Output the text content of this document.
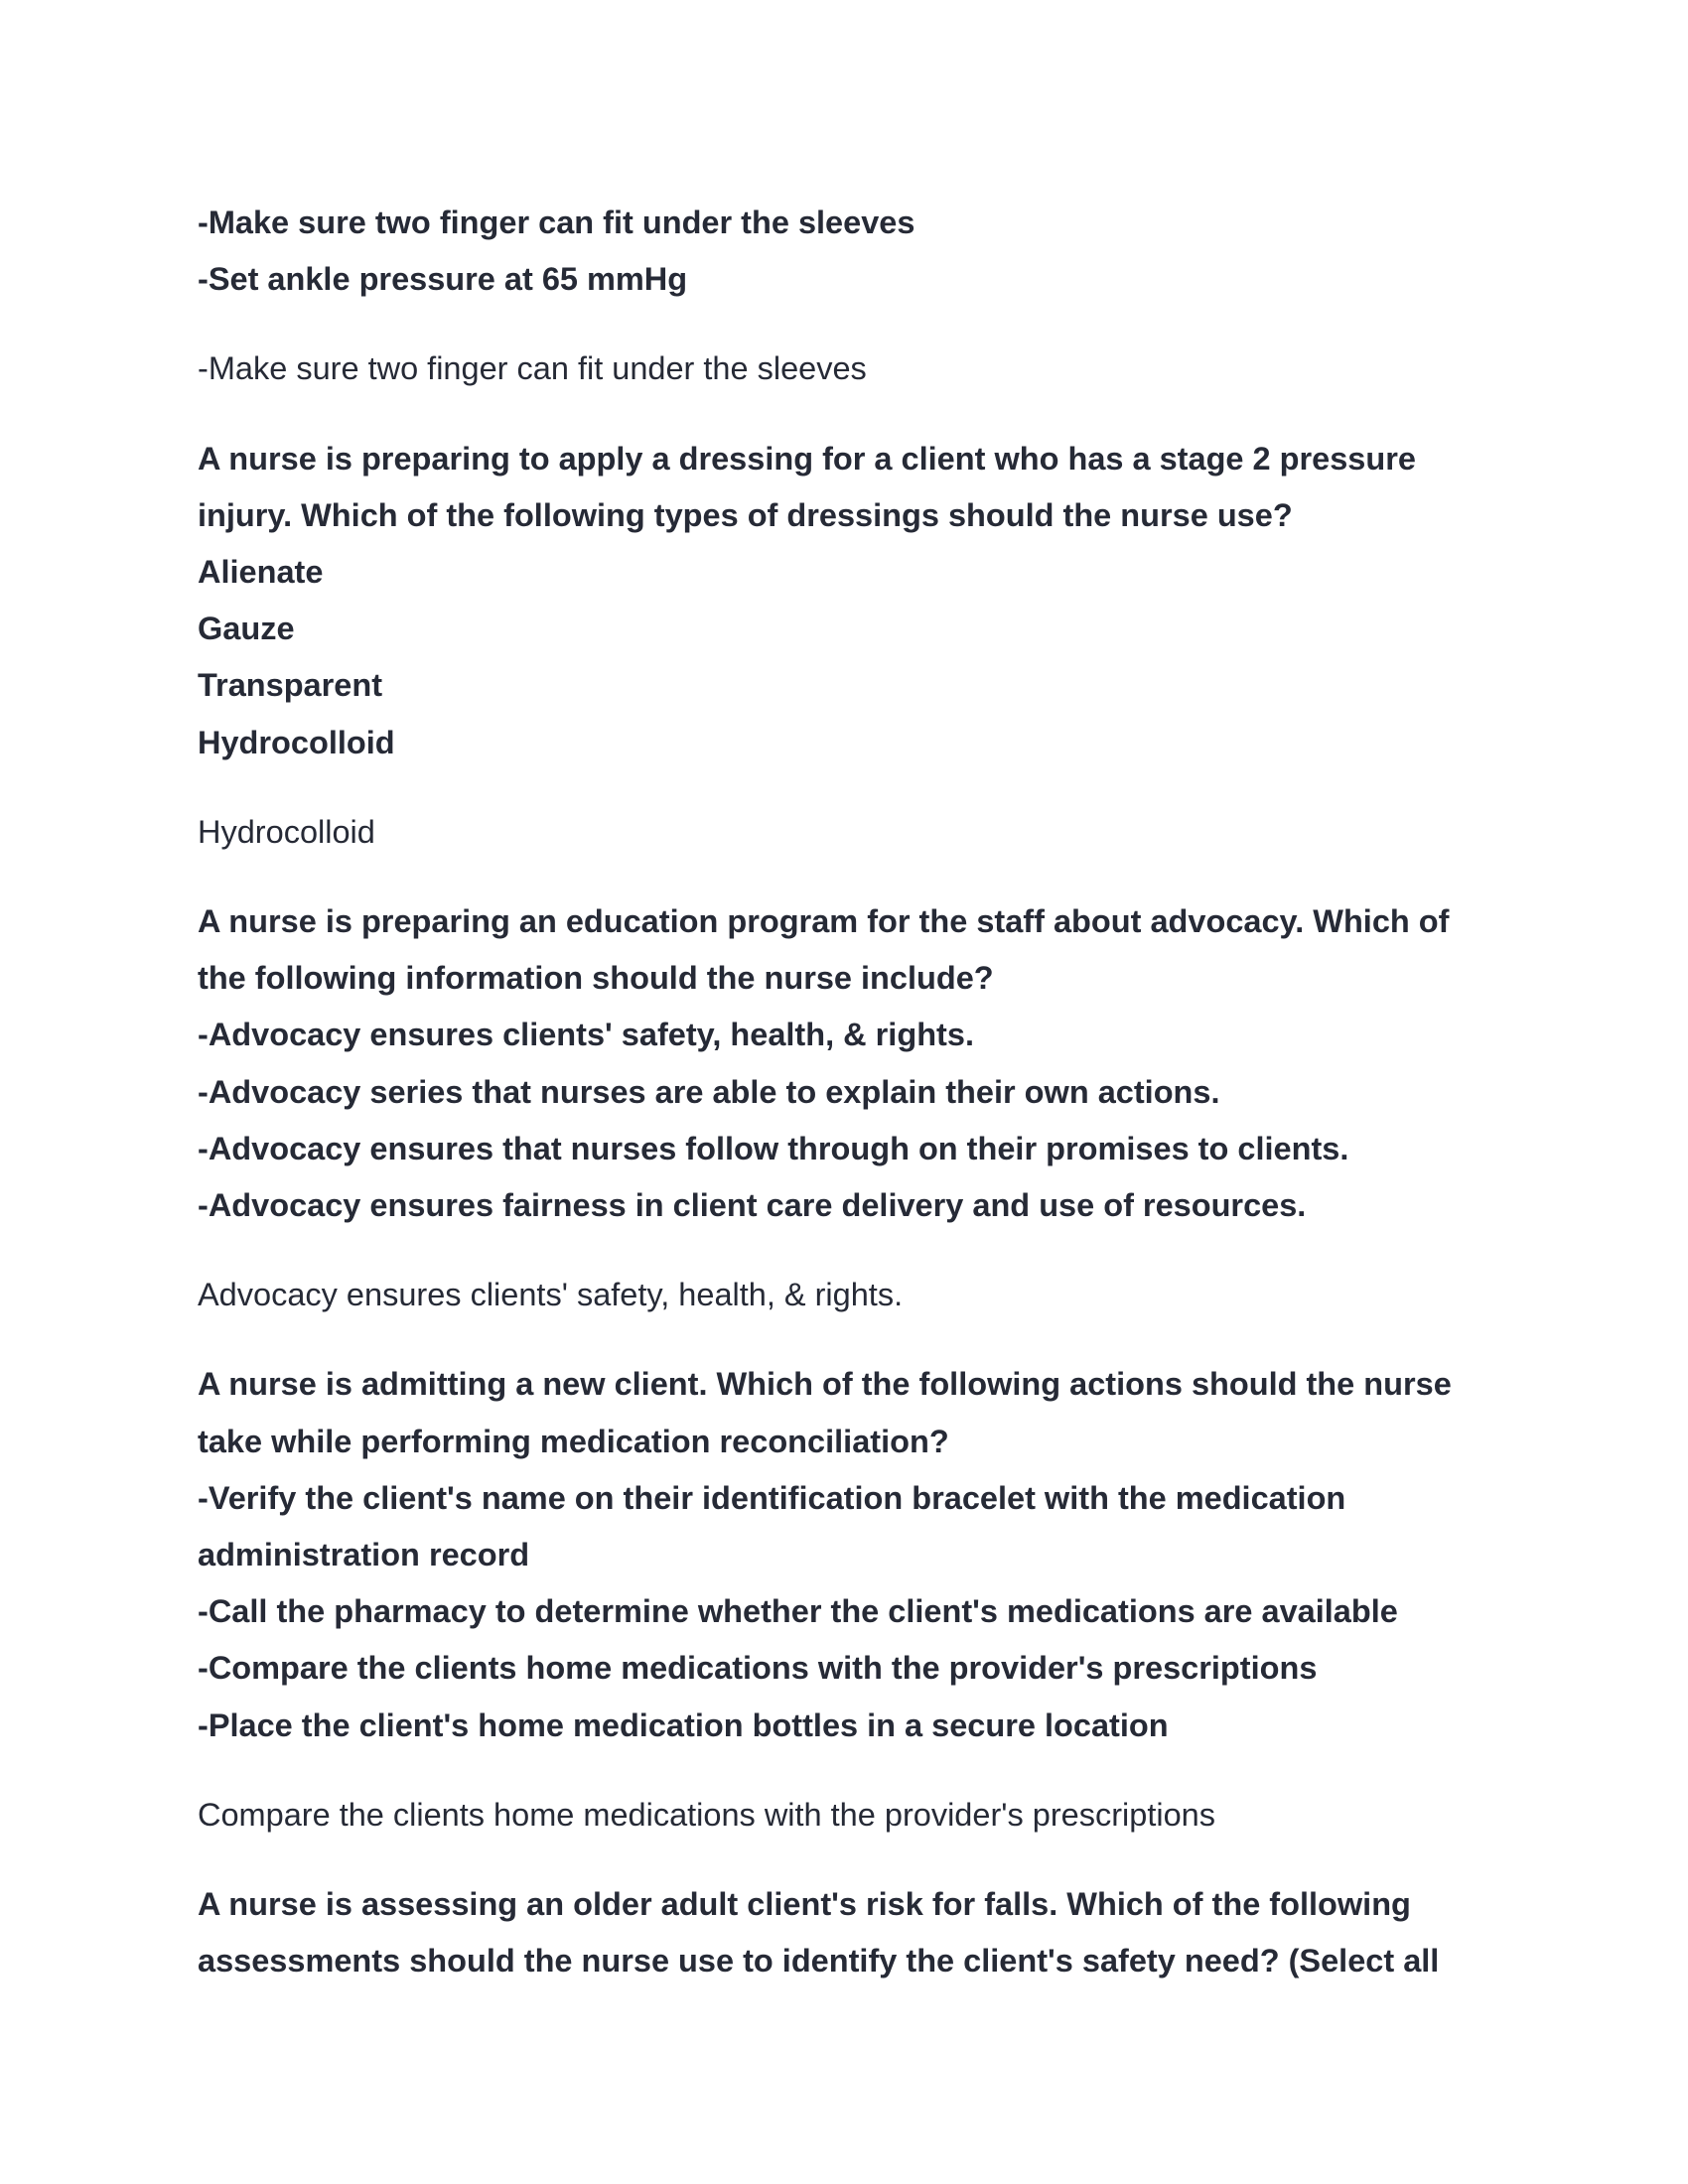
-Make sure two finger can fit under the sleeves
-Set ankle pressure at 65 mmHg
-Make sure two finger can fit under the sleeves
A nurse is preparing to apply a dressing for a client who has a stage 2 pressure
injury. Which of the following types of dressings should the nurse use?
Alienate
Gauze
Transparent
Hydrocolloid
Hydrocolloid
A nurse is preparing an education program for the staff about advocacy. Which of
the following information should the nurse include?
-Advocacy ensures clients' safety, health, & rights.
-Advocacy series that nurses are able to explain their own actions.
-Advocacy ensures that nurses follow through on their promises to clients.
-Advocacy ensures fairness in client care delivery and use of resources.
Advocacy ensures clients' safety, health, & rights.
A nurse is admitting a new client. Which of the following actions should the nurse
take while performing medication reconciliation?
-Verify the client's name on their identification bracelet with the medication
administration record
-Call the pharmacy to determine whether the client's medications are available
-Compare the clients home medications with the provider's prescriptions
-Place the client's home medication bottles in a secure location
Compare the clients home medications with the provider's prescriptions
A nurse is assessing an older adult client's risk for falls. Which of the following
assessments should the nurse use to identify the client's safety need? (Select all
